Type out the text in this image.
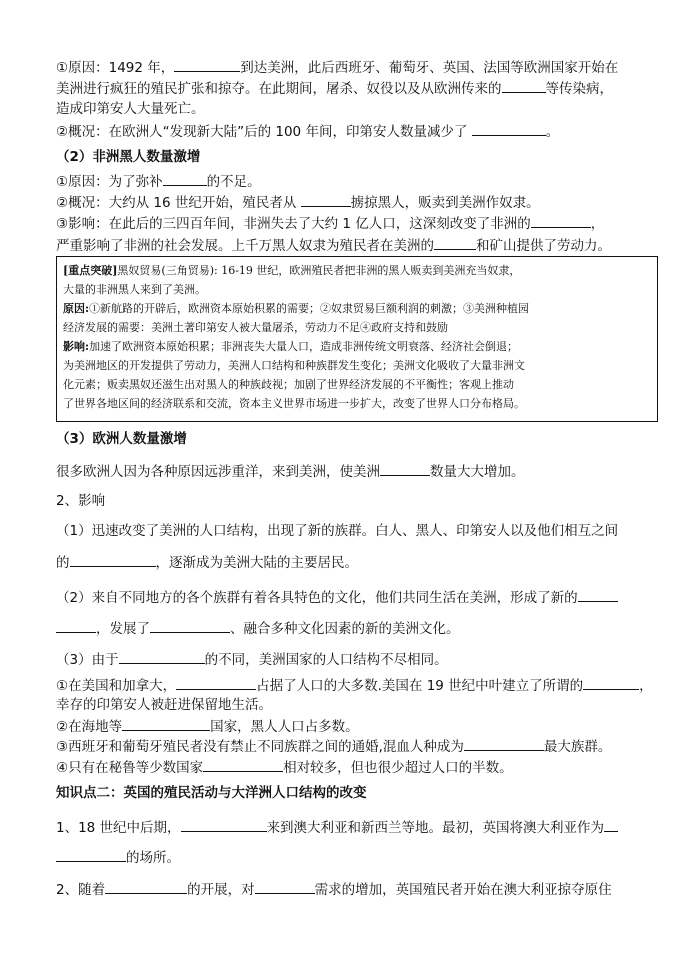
①原因：1492 年，	到达美洲，此后西班牙、葡萄牙、英国、法国等欧洲国家开始在
美洲进行疯狂的殖民扩张和掠夺。在此期间，屠杀、奴役以及从欧洲传来的	等传染病，
造成印第安人大量死亡。
②概况：在欧洲人“发现新大陆”后的 100 年间，印第安人数量减少了	。
（2）非洲黑人数量激增
①原因：为了弥补	的不足。
②概况：大约从 16 世纪开始，殖民者从	掳掠黑人，贩卖到美洲作奴隶。
③影响：在此后的三四百年间，非洲失去了大约 1 亿人口，这深刻改变了非洲的	，
严重影响了非洲的社会发展。上千万黑人奴隶为殖民者在美洲的	和矿山提供了劳动力。
[重点突破]黑奴贸易(三角贸易): 16-19 世纪，欧洲殖民者把非洲的黑人贩卖到美洲充当奴隶，
大量的非洲黑人来到了美洲。
原因:①新航路的开辟后，欧洲资本原始积累的需要；②奴隶贸易巨额利润的刺激；③美洲种植园
经济发展的需要：美洲土著印第安人被大量屠杀，劳动力不足④政府支持和鼓励
影响:加速了欧洲资本原始积累；非洲丧失大量人口，造成非洲传统文明衰落、经济社会倒退；
为美洲地区的开发提供了劳动力，美洲人口结构和种族群发生变化；美洲文化吸收了大量非洲文
化元素；贩卖黑奴还滋生出对黑人的种族歧视；加剧了世界经济发展的不平衡性；客观上推动
了世界各地区间的经济联系和交流，资本主义世界市场进一步扩大，改变了世界人口分布格局。
（3）欧洲人数量激增
很多欧洲人因为各种原因远涉重洋，来到美洲，使美洲	数量大大增加。
2、影响
（1）迅速改变了美洲的人口结构，出现了新的族群。白人、黑人、印第安人以及他们相互之间
的	，逐渐成为美洲大陆的主要居民。
（2）来自不同地方的各个族群有着各具特色的文化，他们共同生活在美洲，形成了新的
，发展了	、融合多种文化因素的新的美洲文化。
（3）由于	的不同，美洲国家的人口结构不尽相同。
①在美国和加拿大，	占据了人口的大多数.美国在 19 世纪中叶建立了所谓的	，
幸存的印第安人被赶进保留地生活。
②在海地等	国家，黑人人口占多数。
③西班牙和葡萄牙殖民者没有禁止不同族群之间的通婚,混血人种成为	最大族群。
④只有在秘鲁等少数国家	相对较多，但也很少超过人口的半数。
知识点二：英国的殖民活动与大洋洲人口结构的改变
1、18 世纪中后期，	来到澳大利亚和新西兰等地。最初，英国将澳大利亚作为
的场所。
2、随着	的开展，对	需求的增加，英国殖民者开始在澳大利亚掠夺原住
